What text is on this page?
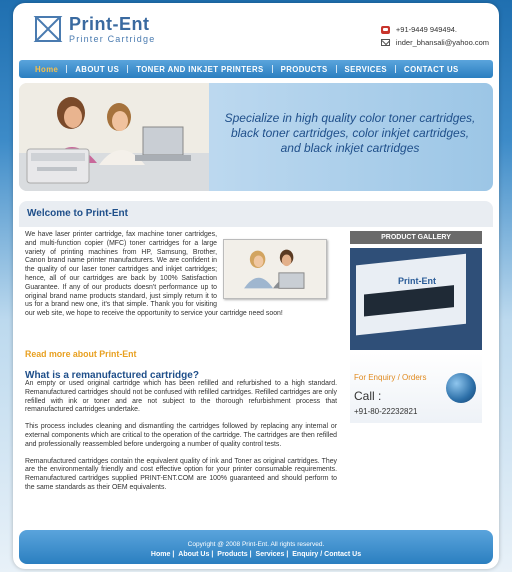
Print-Ent
Printer Cartridge
+91-9449 949494.
inder_bhansali@yahoo.com
Home	ABOUT US	TONER AND INKJET PRINTERS	PRODUCTS	SERVICES	CONTACT US
Specialize in high quality color toner cartridges,
black toner cartridges, color inkjet cartridges,
and black inkjet cartridges
Welcome to Print-Ent
We have laser printer cartridge, fax machine toner cartridges, and multi-function copier (MFC) toner cartridges for a large variety of printing machines from HP, Samsung, Brother, Canon brand name printer manufacturers. We are confident in the quality of our laser toner cartridges and inkjet cartridges; hence, all of our cartridges are back by 100% Satisfaction Guarantee. If any of our products doesn't performance up to original brand name products standard, just simply return it to us for a brand new one, it's that simple. Thank you for visiting our web site, we hope to receive the opportunity to service your cartridge need soon!
Read more about Print-Ent
What is a remanufactured cartridge?

An empty or used original cartridge which has been refilled and refurbished to a high standard. Remanufactured cartridges should not be confused with refilled cartridges. Refilled cartridges are only refilled with ink or toner and are not subject to the thorough refurbishment process that remanufactured cartridges undertake.

This process includes cleaning and dismantling the cartridges followed by replacing any internal or external components which are critical to the operation of the cartridge. The cartridges are then refilled and professionally reassembled before undergoing a number of quality control tests.

Remanufactured cartridges contain the equivalent quality of ink and Toner as original cartridges. They are the environmentally friendly and cost effective option for your printer consumable requirements. Remanufactured cartridges supplied PRINT-ENT.COM are 100% guaranteed and should perform to the same standards as their OEM equivalents.

PRODUCT GALLERY
Print-Ent
For Enquiry / Orders
Call :
+91-80-22232821
Copyright @ 2008 Print-Ent. All rights reserved.
Home | About Us | Products | Services | Enquiry / Contact Us
